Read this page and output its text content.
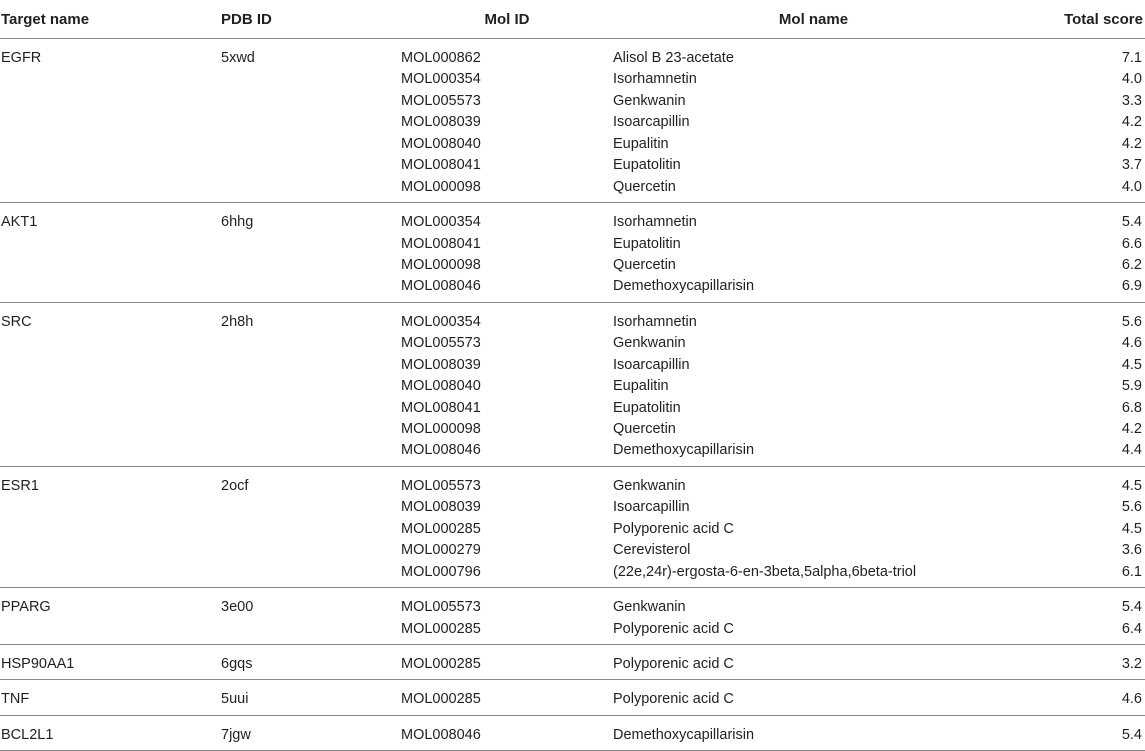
Target name	PDB ID	Mol ID	Mol name	Total score
EGFR	5xwd	MOL000862	Alisol B 23-acetate	7.1
		MOL000354	Isorhamnetin	4.0
		MOL005573	Genkwanin	3.3
		MOL008039	Isoarcapillin	4.2
		MOL008040	Eupalitin	4.2
		MOL008041	Eupatolitin	3.7
		MOL000098	Quercetin	4.0
AKT1	6hhg	MOL000354	Isorhamnetin	5.4
		MOL008041	Eupatolitin	6.6
		MOL000098	Quercetin	6.2
		MOL008046	Demethoxycapillarisin	6.9
SRC	2h8h	MOL000354	Isorhamnetin	5.6
		MOL005573	Genkwanin	4.6
		MOL008039	Isoarcapillin	4.5
		MOL008040	Eupalitin	5.9
		MOL008041	Eupatolitin	6.8
		MOL000098	Quercetin	4.2
		MOL008046	Demethoxycapillarisin	4.4
ESR1	2ocf	MOL005573	Genkwanin	4.5
		MOL008039	Isoarcapillin	5.6
		MOL000285	Polyporenic acid C	4.5
		MOL000279	Cerevisterol	3.6
		MOL000796	(22e,24r)-ergosta-6-en-3beta,5alpha,6beta-triol	6.1
PPARG	3e00	MOL005573	Genkwanin	5.4
		MOL000285	Polyporenic acid C	6.4
HSP90AA1	6gqs	MOL000285	Polyporenic acid C	3.2
TNF	5uui	MOL000285	Polyporenic acid C	4.6
BCL2L1	7jgw	MOL008046	Demethoxycapillarisin	5.4
